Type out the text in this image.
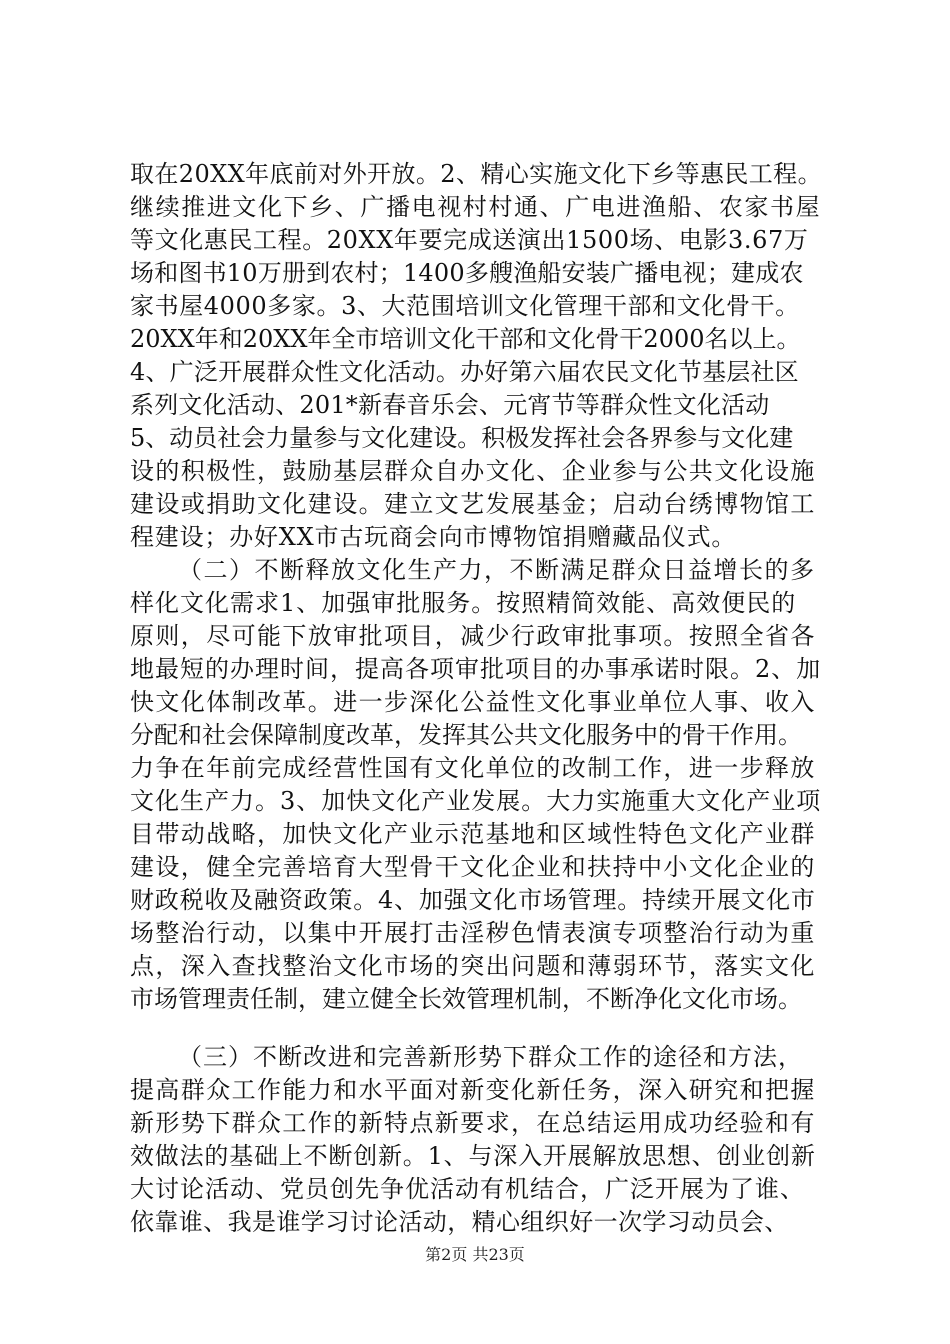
取在20XX年底前对外开放。2、精心实施文化下乡等惠民工程。
继续推进文化下乡、广播电视村村通、广电进渔船、农家书屋
等文化惠民工程。20XX年要完成送演出1500场、电影3.67万
场和图书10万册到农村；1400多艘渔船安装广播电视；建成农
家书屋4000多家。3、大范围培训文化管理干部和文化骨干。
20XX年和20XX年全市培训文化干部和文化骨干2000名以上。
4、广泛开展群众性文化活动。办好第六届农民文化节基层社区
系列文化活动、201*新春音乐会、元宵节等群众性文化活动
5、动员社会力量参与文化建设。积极发挥社会各界参与文化建
设的积极性，鼓励基层群众自办文化、企业参与公共文化设施
建设或捐助文化建设。建立文艺发展基金；启动台绣博物馆工
程建设；办好XX市古玩商会向市博物馆捐赠藏品仪式。
（二）不断释放文化生产力，不断满足群众日益增长的多
样化文化需求1、加强审批服务。按照精简效能、高效便民的
原则，尽可能下放审批项目，减少行政审批事项。按照全省各
地最短的办理时间，提高各项审批项目的办事承诺时限。2、加
快文化体制改革。进一步深化公益性文化事业单位人事、收入
分配和社会保障制度改革，发挥其公共文化服务中的骨干作用。
力争在年前完成经营性国有文化单位的改制工作，进一步释放
文化生产力。3、加快文化产业发展。大力实施重大文化产业项
目带动战略，加快文化产业示范基地和区域性特色文化产业群
建设，健全完善培育大型骨干文化企业和扶持中小文化企业的
财政税收及融资政策。4、加强文化市场管理。持续开展文化市
场整治行动，以集中开展打击淫秽色情表演专项整治行动为重
点，深入查找整治文化市场的突出问题和薄弱环节，落实文化
市场管理责任制，建立健全长效管理机制，不断净化文化市场。
（三）不断改进和完善新形势下群众工作的途径和方法，
提高群众工作能力和水平面对新变化新任务，深入研究和把握
新形势下群众工作的新特点新要求，在总结运用成功经验和有
效做法的基础上不断创新。1、与深入开展解放思想、创业创新
大讨论活动、党员创先争优活动有机结合，广泛开展为了谁、
依靠谁、我是谁学习讨论活动，精心组织好一次学习动员会、
第2页 共23页
